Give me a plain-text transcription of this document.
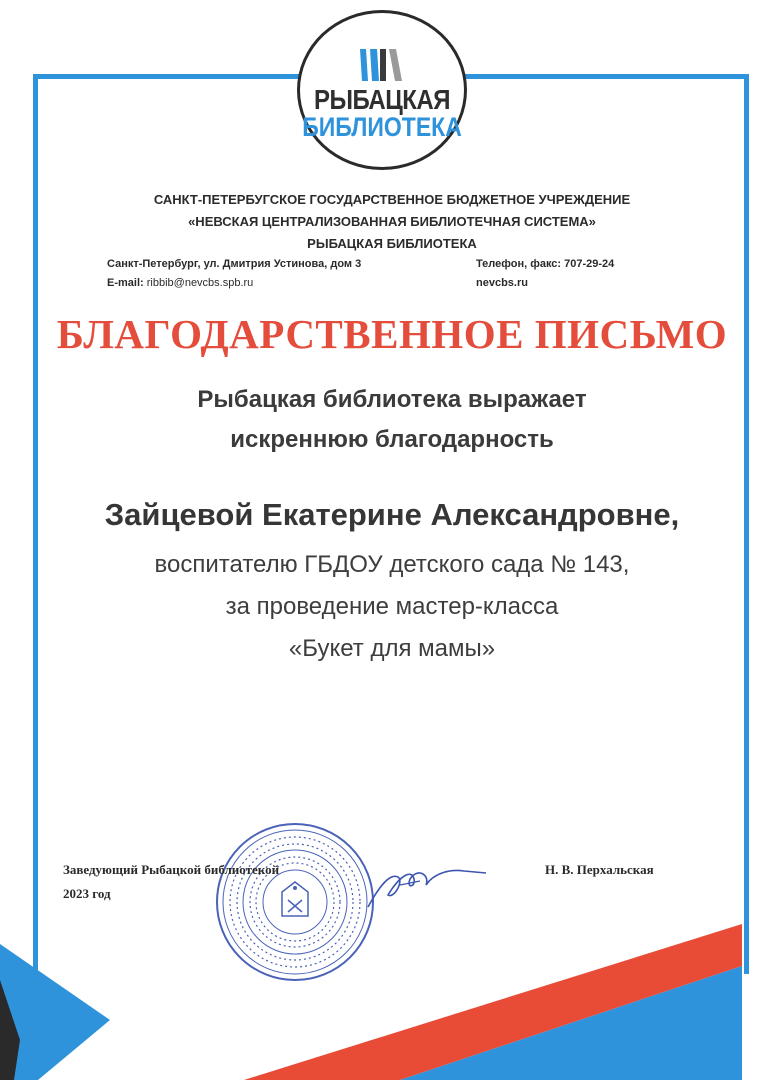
РЫБАЦКАЯ
БИБЛИОТЕКА
САНКТ-ПЕТЕРБУГСКОЕ ГОСУДАРСТВЕННОЕ БЮДЖЕТНОЕ УЧРЕЖДЕНИЕ
«НЕВСКАЯ ЦЕНТРАЛИЗОВАННАЯ БИБЛИОТЕЧНАЯ СИСТЕМА»
РЫБАЦКАЯ БИБЛИОТЕКА
Санкт-Петербург, ул. Дмитрия Устинова, дом 3
E-mail: ribbib@nevcbs.spb.ru
Телефон, факс: 707-29-24
nevcbs.ru
БЛАГОДАРСТВЕННОЕ ПИСЬМО
Рыбацкая библиотека выражает
искреннюю благодарность
Зайцевой Екатерине Александровне,
воспитателю ГБДОУ детского сада № 143,
за проведение мастер-класса
«Букет для мамы»
Заведующий Рыбацкой библиотекой
2023 год
Н. В. Перхальская
